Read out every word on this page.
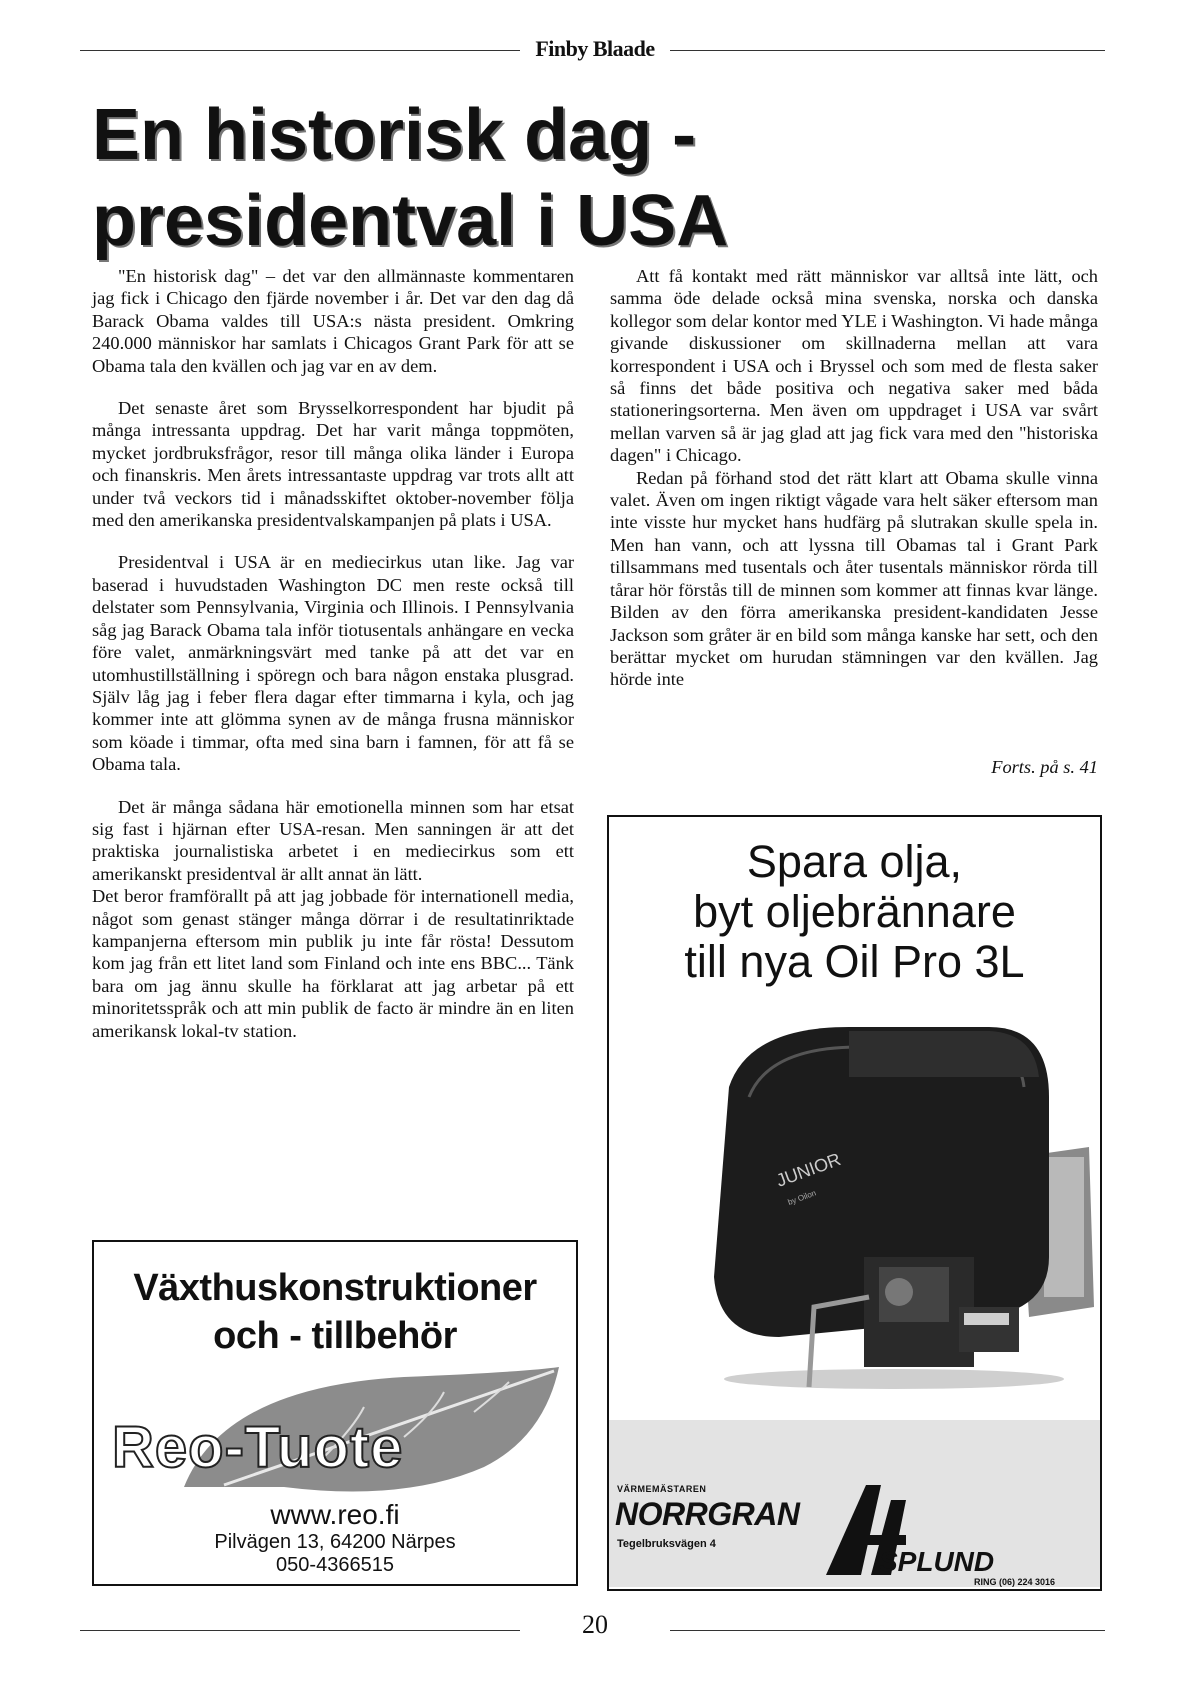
Finby Blaade
En historisk dag -
presidentval i USA

"En historisk dag" – det var den allmännaste kommentaren jag fick i Chicago den fjärde november i år. Det var den dag då Barack Obama valdes till USA:s nästa president. Omkring 240.000 människor har samlats i Chicagos Grant Park för att se Obama tala den kvällen och jag var en av dem.

Det senaste året som Brysselkorrespondent har bjudit på många intressanta uppdrag. Det har varit många toppmöten, mycket jordbruksfrågor, resor till många olika länder i Europa och finanskris. Men årets intressantaste uppdrag var trots allt att under två veckors tid i månadsskiftet oktober-november följa med den amerikanska presidentvalskampanjen på plats i USA.

Presidentval i USA är en mediecirkus utan like. Jag var baserad i huvudstaden Washington DC men reste också till delstater som Pennsylvania, Virginia och Illinois. I Pennsylvania såg jag Barack Obama tala inför tiotusentals anhängare en vecka före valet, anmärkningsvärt med tanke på att det var en utomhustillställning i spöregn och bara någon enstaka plusgrad. Själv låg jag i feber flera dagar efter timmarna i kyla, och jag kommer inte att glömma synen av de många frusna människor som köade i timmar, ofta med sina barn i famnen, för att få se Obama tala.

Det är många sådana här emotionella minnen som har etsat sig fast i hjärnan efter USA-resan. Men sanningen är att det praktiska journalistiska arbetet i en mediecirkus som ett amerikanskt presidentval är allt annat än lätt.

Det beror framförallt på att jag jobbade för internationell media, något som genast stänger många dörrar i de resultatinriktade kampanjerna eftersom min publik ju inte får rösta! Dessutom kom jag från ett litet land som Finland och inte ens BBC... Tänk bara om jag ännu skulle ha förklarat att jag arbetar på ett minoritetsspråk och att min publik de facto är mindre än en liten amerikansk lokal-tv station.

Att få kontakt med rätt människor var alltså inte lätt, och samma öde delade också mina svenska, norska och danska kollegor som delar kontor med YLE i Washington. Vi hade många givande diskussioner om skillnaderna mellan att vara korrespondent i USA och i Bryssel och som med de flesta saker så finns det både positiva och negativa saker med båda stationeringsorterna. Men även om uppdraget i USA var svårt mellan varven så är jag glad att jag fick vara med den "historiska dagen" i Chicago.

Redan på förhand stod det rätt klart att Obama skulle vinna valet. Även om ingen riktigt vågade vara helt säker eftersom man inte visste hur mycket hans hudfärg på slutrakan skulle spela in. Men han vann, och att lyssna till Obamas tal i Grant Park tillsammans med tusentals och åter tusentals människor rörda till tårar hör förstås till de minnen som kommer att finnas kvar länge. Bilden av den förra amerikanska president-kandidaten Jesse Jackson som gråter är en bild som många kanske har sett, och den berättar mycket om hurudan stämningen var den kvällen. Jag hörde inte

Forts. på s. 41
Spara olja,
byt oljebrännare
till nya Oil Pro 3L
JUNIOR
by Oilon
VÄRMEMÄSTAREN
NORRGRAN
Tegelbruksvägen 4
SPLUND
RING (06) 224 3016
Växthuskonstruktioner
och - tillbehör
Reo-Tuote
www.reo.fi
Pilvägen 13, 64200 Närpes
050-4366515
20
